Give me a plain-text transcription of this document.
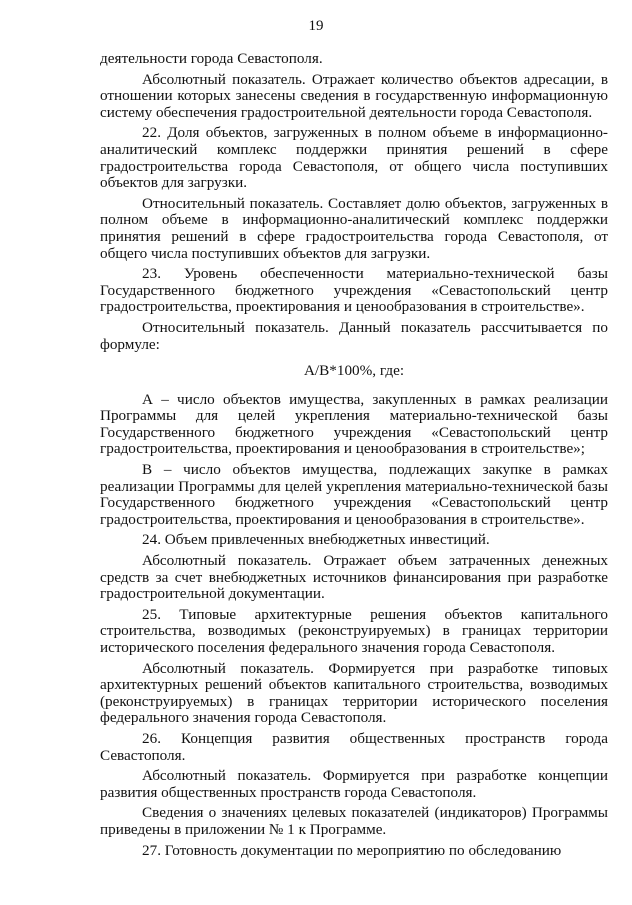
19

деятельности города Севастополя.

Абсолютный показатель. Отражает количество объектов адресации, в отношении которых занесены сведения в государственную информационную систему обеспечения градостроительной деятельности города Севастополя.

22. Доля объектов, загруженных в полном объеме в информационно-аналитический комплекс поддержки принятия решений в сфере градостроительства города Севастополя, от общего числа поступивших объектов для загрузки.

Относительный показатель. Составляет долю объектов, загруженных в полном объеме в информационно-аналитический комплекс поддержки принятия решений в сфере градостроительства города Севастополя, от общего числа поступивших объектов для загрузки.

23. Уровень обеспеченности материально-технической базы Государственного бюджетного учреждения «Севастопольский центр градостроительства, проектирования и ценообразования в строительстве».

Относительный показатель. Данный показатель рассчитывается по формуле:

А/В*100%, где:

А – число объектов имущества, закупленных в рамках реализации Программы для целей укрепления материально-технической базы Государственного бюджетного учреждения «Севастопольский центр градостроительства, проектирования и ценообразования в строительстве»;

В – число объектов имущества, подлежащих закупке в рамках реализации Программы для целей укрепления материально-технической базы Государственного бюджетного учреждения «Севастопольский центр градостроительства, проектирования и ценообразования в строительстве».

24. Объем привлеченных внебюджетных инвестиций.

Абсолютный показатель. Отражает объем затраченных денежных средств за счет внебюджетных источников финансирования при разработке градостроительной документации.

25. Типовые архитектурные решения объектов капитального строительства, возводимых (реконструируемых) в границах территории исторического поселения федерального значения города Севастополя.

Абсолютный показатель. Формируется при разработке типовых архитектурных решений объектов капитального строительства, возводимых (реконструируемых) в границах территории исторического поселения федерального значения города Севастополя.

26. Концепция развития общественных пространств города Севастополя.

Абсолютный показатель. Формируется при разработке концепции развития общественных пространств города Севастополя.

Сведения о значениях целевых показателей (индикаторов) Программы приведены в приложении № 1 к Программе.

27. Готовность документации по мероприятию по обследованию
